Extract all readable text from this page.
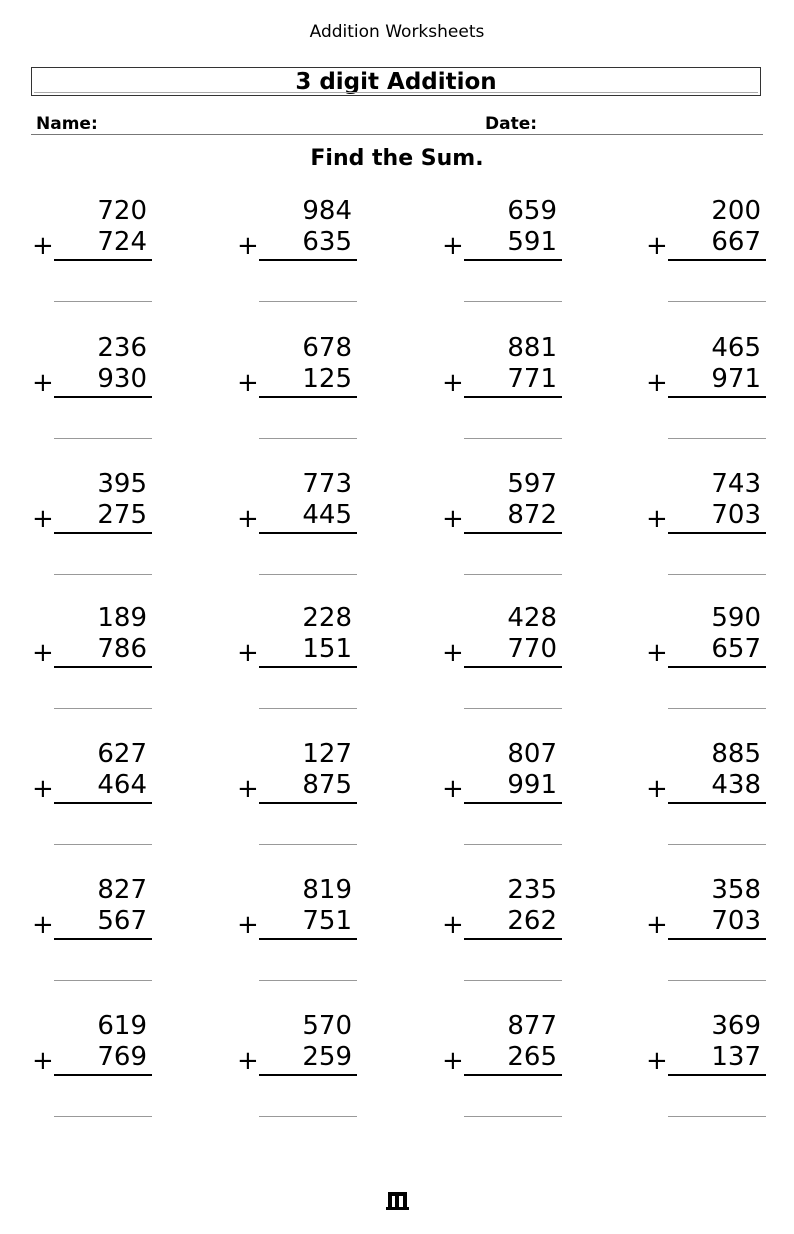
Addition Worksheets
3 digit Addition
Name:	Date:
Find the Sum.
720
+ 724
984
+ 635
659
+ 591
200
+ 667
236
+ 930
678
+ 125
881
+ 771
465
+ 971
395
+ 275
773
+ 445
597
+ 872
743
+ 703
189
+ 786
228
+ 151
428
+ 770
590
+ 657
627
+ 464
127
+ 875
807
+ 991
885
+ 438
827
+ 567
819
+ 751
235
+ 262
358
+ 703
619
+ 769
570
+ 259
877
+ 265
369
+ 137
